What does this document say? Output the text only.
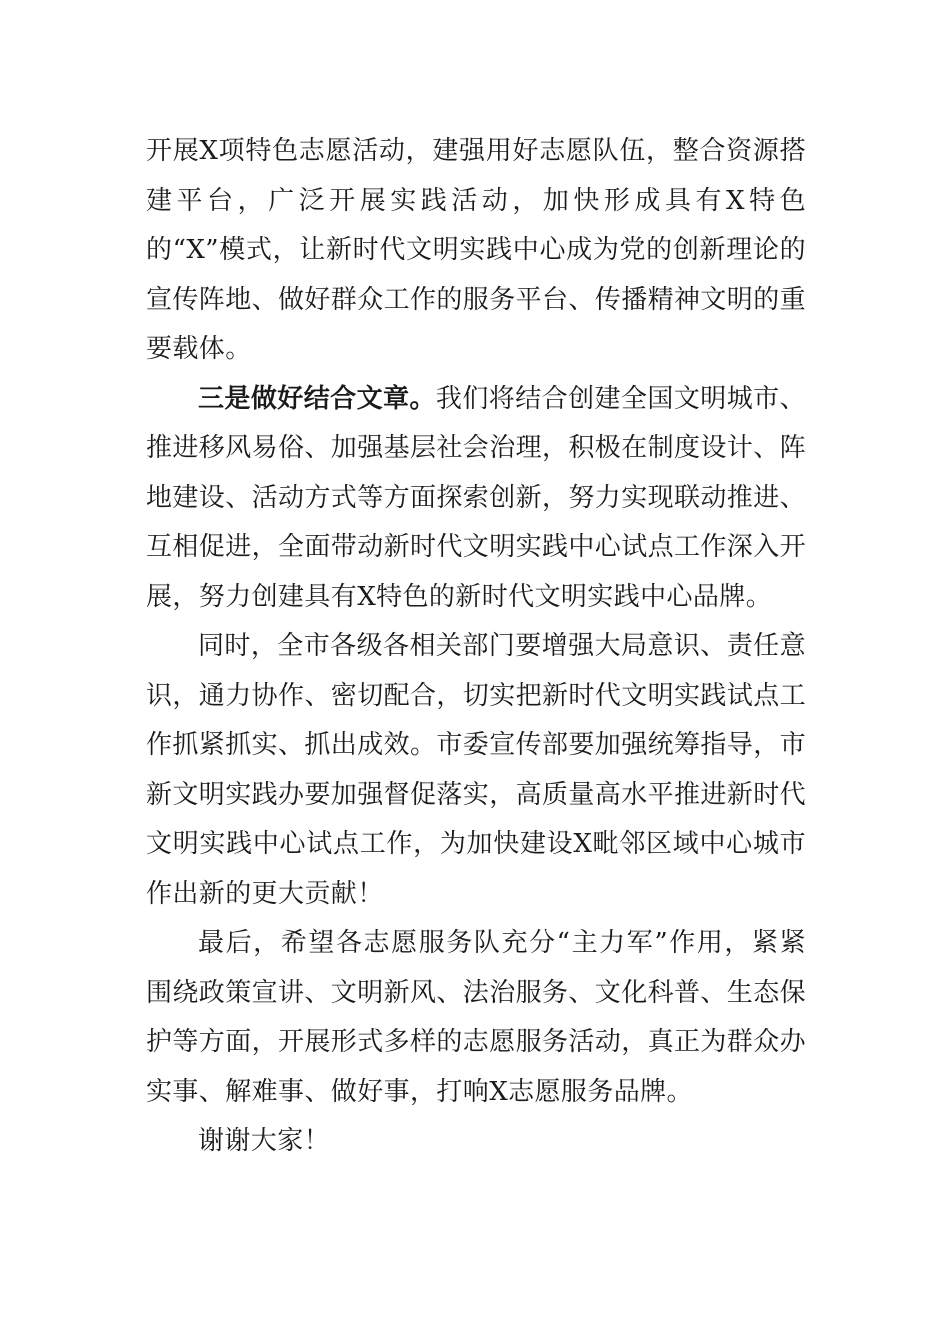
开展X项特色志愿活动，建强用好志愿队伍，整合资源搭建平台，广泛开展实践活动，加快形成具有X特色的“X”模式，让新时代文明实践中心成为党的创新理论的宣传阵地、做好群众工作的服务平台、传播精神文明的重要载体。

三是做好结合文章。我们将结合创建全国文明城市、推进移风易俗、加强基层社会治理，积极在制度设计、阵地建设、活动方式等方面探索创新，努力实现联动推进、互相促进，全面带动新时代文明实践中心试点工作深入开展，努力创建具有X特色的新时代文明实践中心品牌。

同时，全市各级各相关部门要增强大局意识、责任意识，通力协作、密切配合，切实把新时代文明实践试点工作抓紧抓实、抓出成效。市委宣传部要加强统筹指导，市新文明实践办要加强督促落实，高质量高水平推进新时代文明实践中心试点工作，为加快建设X毗邻区域中心城市作出新的更大贡献！

最后，希望各志愿服务队充分“主力军”作用，紧紧围绕政策宣讲、文明新风、法治服务、文化科普、生态保护等方面，开展形式多样的志愿服务活动，真正为群众办实事、解难事、做好事，打响X志愿服务品牌。

谢谢大家！
